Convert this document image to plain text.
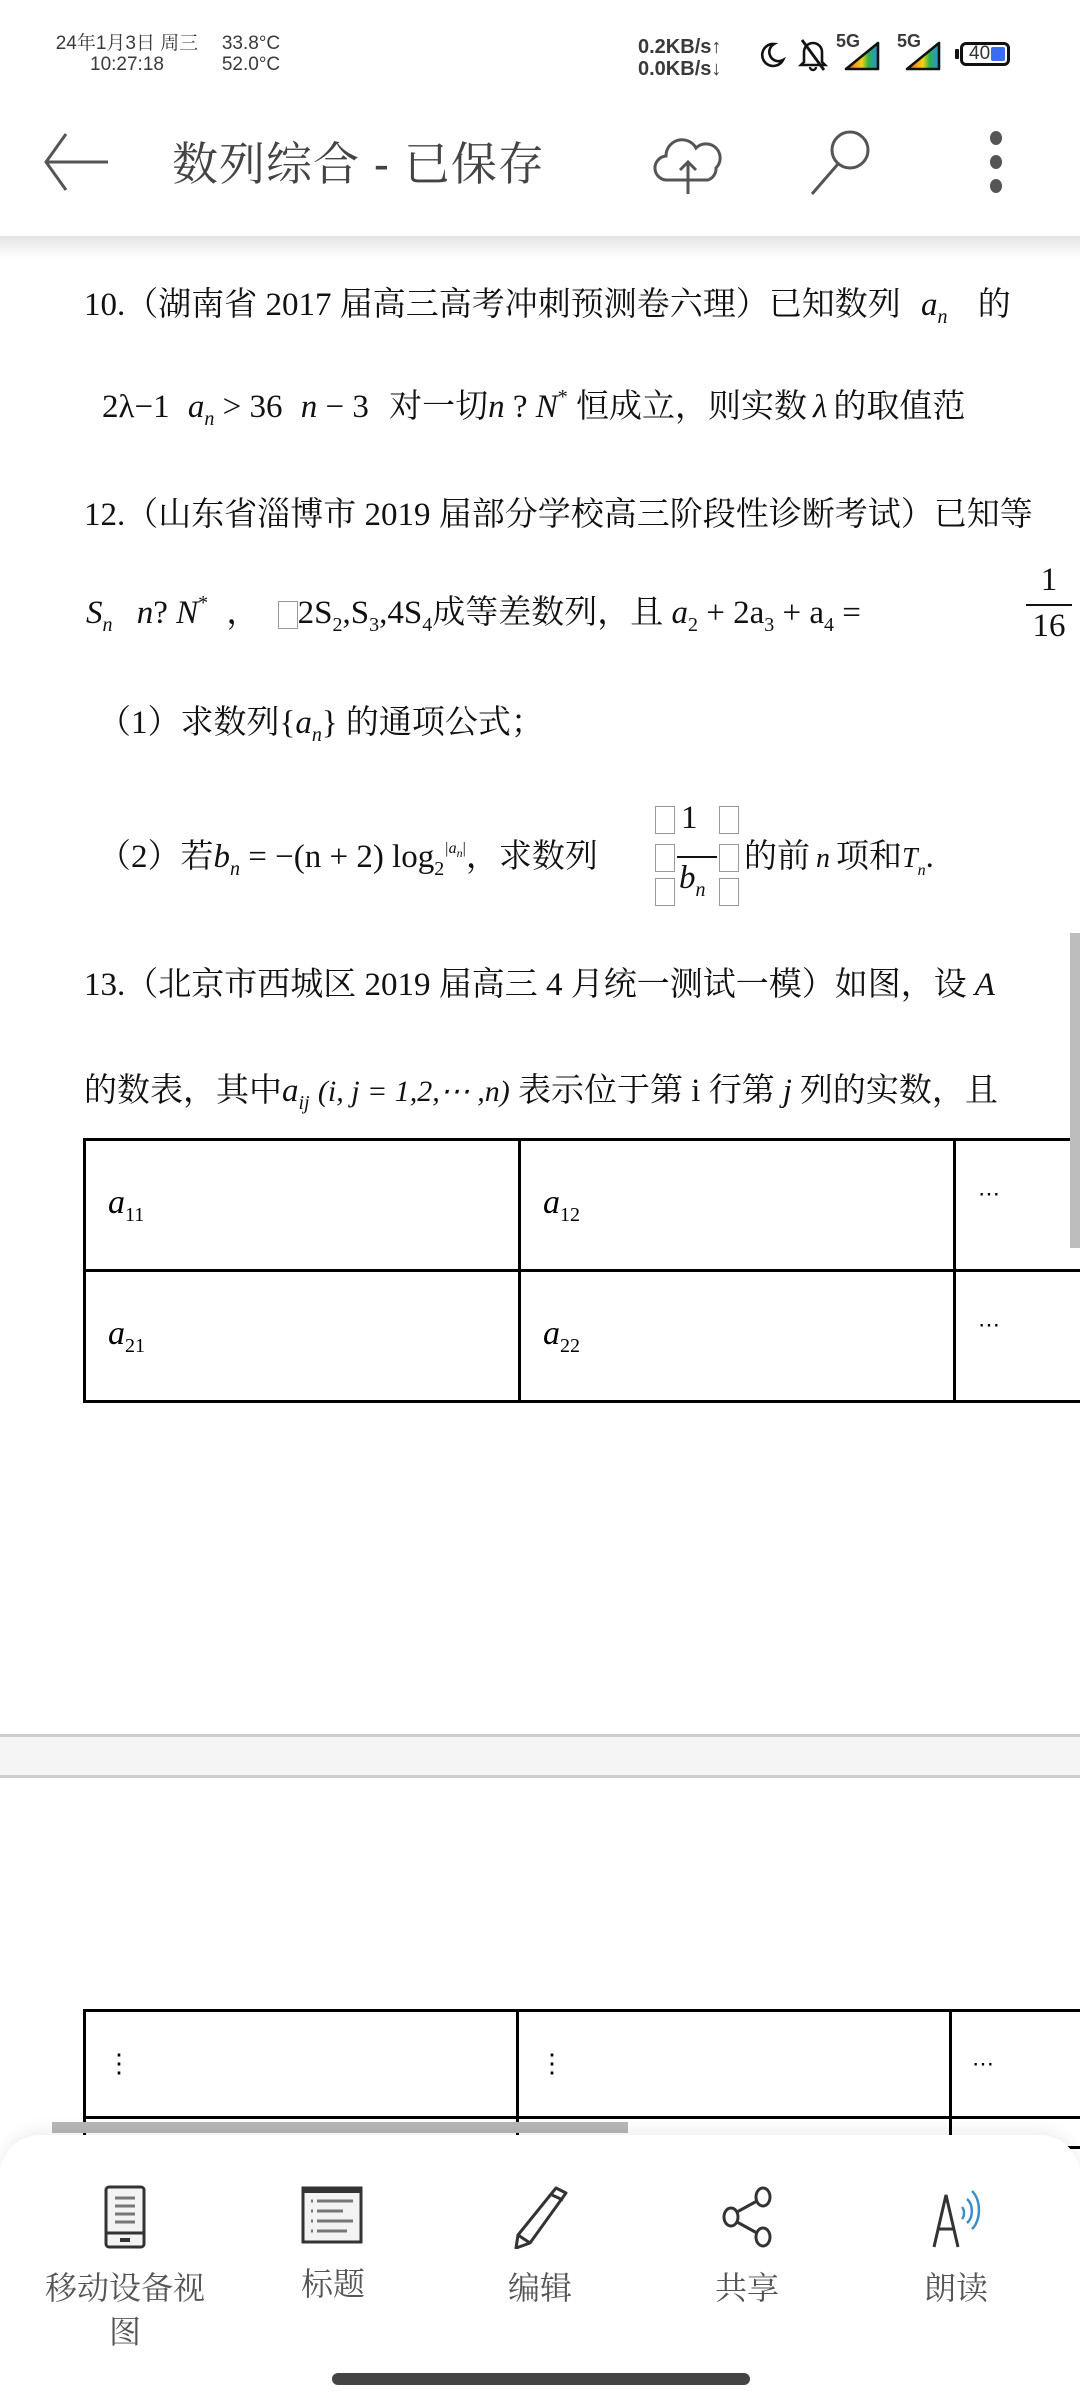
24年1月3日 周三
10:27:18
33.8°C
52.0°C
0.2KB/s↑
0.0KB/s↓
5G 5G
40
数列综合 - 已保存
10.（湖南省 2017 届高三高考冲刺预测卷六理）已知数列 $a_n$ 的
2λ−1 $a_n > 36$ n − 3 对一切n ? N* 恒成立，则实数 λ 的取值范
12.（山东省淄博市 2019 届部分学校高三阶段性诊断考试）已知等
$S_n$ n? N* ， $2S_2,S_3,4S_4$成等差数列，且 $a_2 + 2a_3 + a_4$ =
1
16
（1）求数列$\{a_n\}$ 的通项公式；
（2）若$b_n = -(n + 2)$ $\log_2^{|an|}$，求数列
1
$b_n$
的前 n 项和$T_n$.
13.（北京市西城区 2019 届高三 4 月统一测试一模）如图，设 A
的数表，其中$a_{ij}$ (i, j = 1,2,⋯ ,n) 表示位于第 i 行第 j 列的实数，且
$a_{11}$	$a_{12}$	⋯
$a_{21}$	$a_{22}$	⋯
⋮	⋮	⋯

移动设备视图
标题	编辑	共享	朗读
